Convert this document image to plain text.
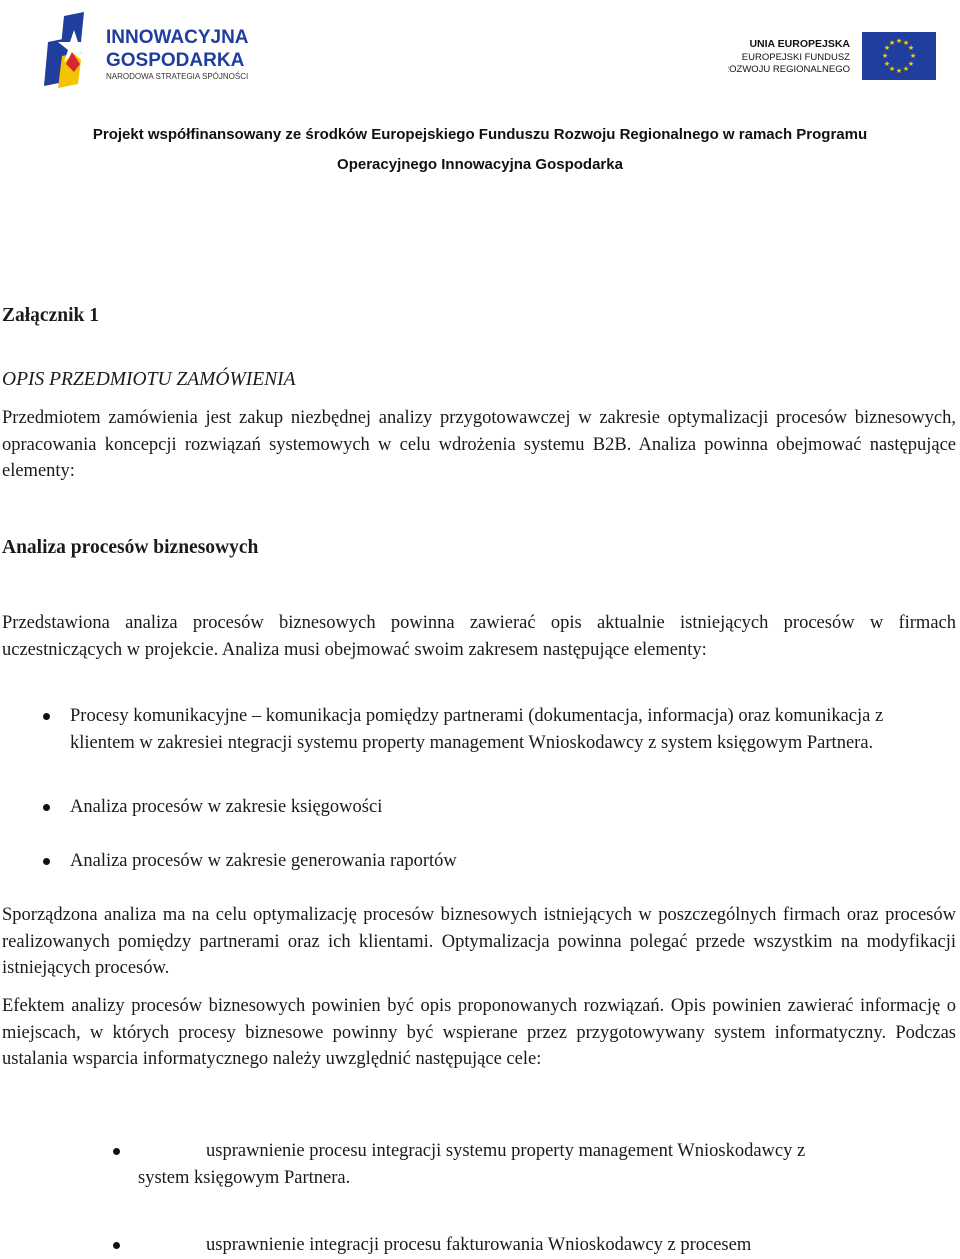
INNOWACYJNA
GOSPODARKA
NARODOWA STRATEGIA SPÓJNOŚCI
UNIA EUROPEJSKA
EUROPEJSKI FUNDUSZ
ROZWOJU REGIONALNEGO
★ ★
★
★
★
★
★
★
★
★
★
★
Projekt współfinansowany ze środków Europejskiego Funduszu Rozwoju Regionalnego w ramach Programu
Operacyjnego Innowacyjna Gospodarka

Załącznik 1

OPIS PRZEDMIOTU ZAMÓWIENIA

Przedmiotem zamówienia jest zakup niezbędnej analizy przygotowawczej w zakresie optymalizacji procesów biznesowych, opracowania koncepcji rozwiązań systemowych w celu wdrożenia systemu B2B. Analiza powinna obejmować następujące elementy:

Analiza procesów biznesowych

Przedstawiona analiza procesów biznesowych powinna zawierać opis aktualnie istniejących procesów w firmach uczestniczących w projekcie. Analiza musi obejmować swoim zakresem następujące elementy:

Procesy komunikacyjne – komunikacja pomiędzy partnerami (dokumentacja, informacja) oraz komunikacja z klientem w zakresiei ntegracji systemu property management Wnioskodawcy z system księgowym Partnera.

Analiza procesów w zakresie księgowości

Analiza procesów w zakresie generowania raportów

Sporządzona analiza ma na celu optymalizację procesów biznesowych istniejących w poszczególnych firmach oraz procesów realizowanych pomiędzy partnerami oraz ich klientami. Optymalizacja powinna polegać przede wszystkim na modyfikacji istniejących procesów.

Efektem analizy procesów biznesowych powinien być opis proponowanych rozwiązań. Opis powinien zawierać informację o miejscach, w których procesy biznesowe powinny być wspierane przez przygotowywany system informatyczny. Podczas ustalania wsparcia informatycznego należy uwzględnić następujące cele:

usprawnienie procesu integracji systemu property management Wnioskodawcy z

system księgowym Partnera.

usprawnienie integracji procesu fakturowania Wnioskodawcy z procesem
